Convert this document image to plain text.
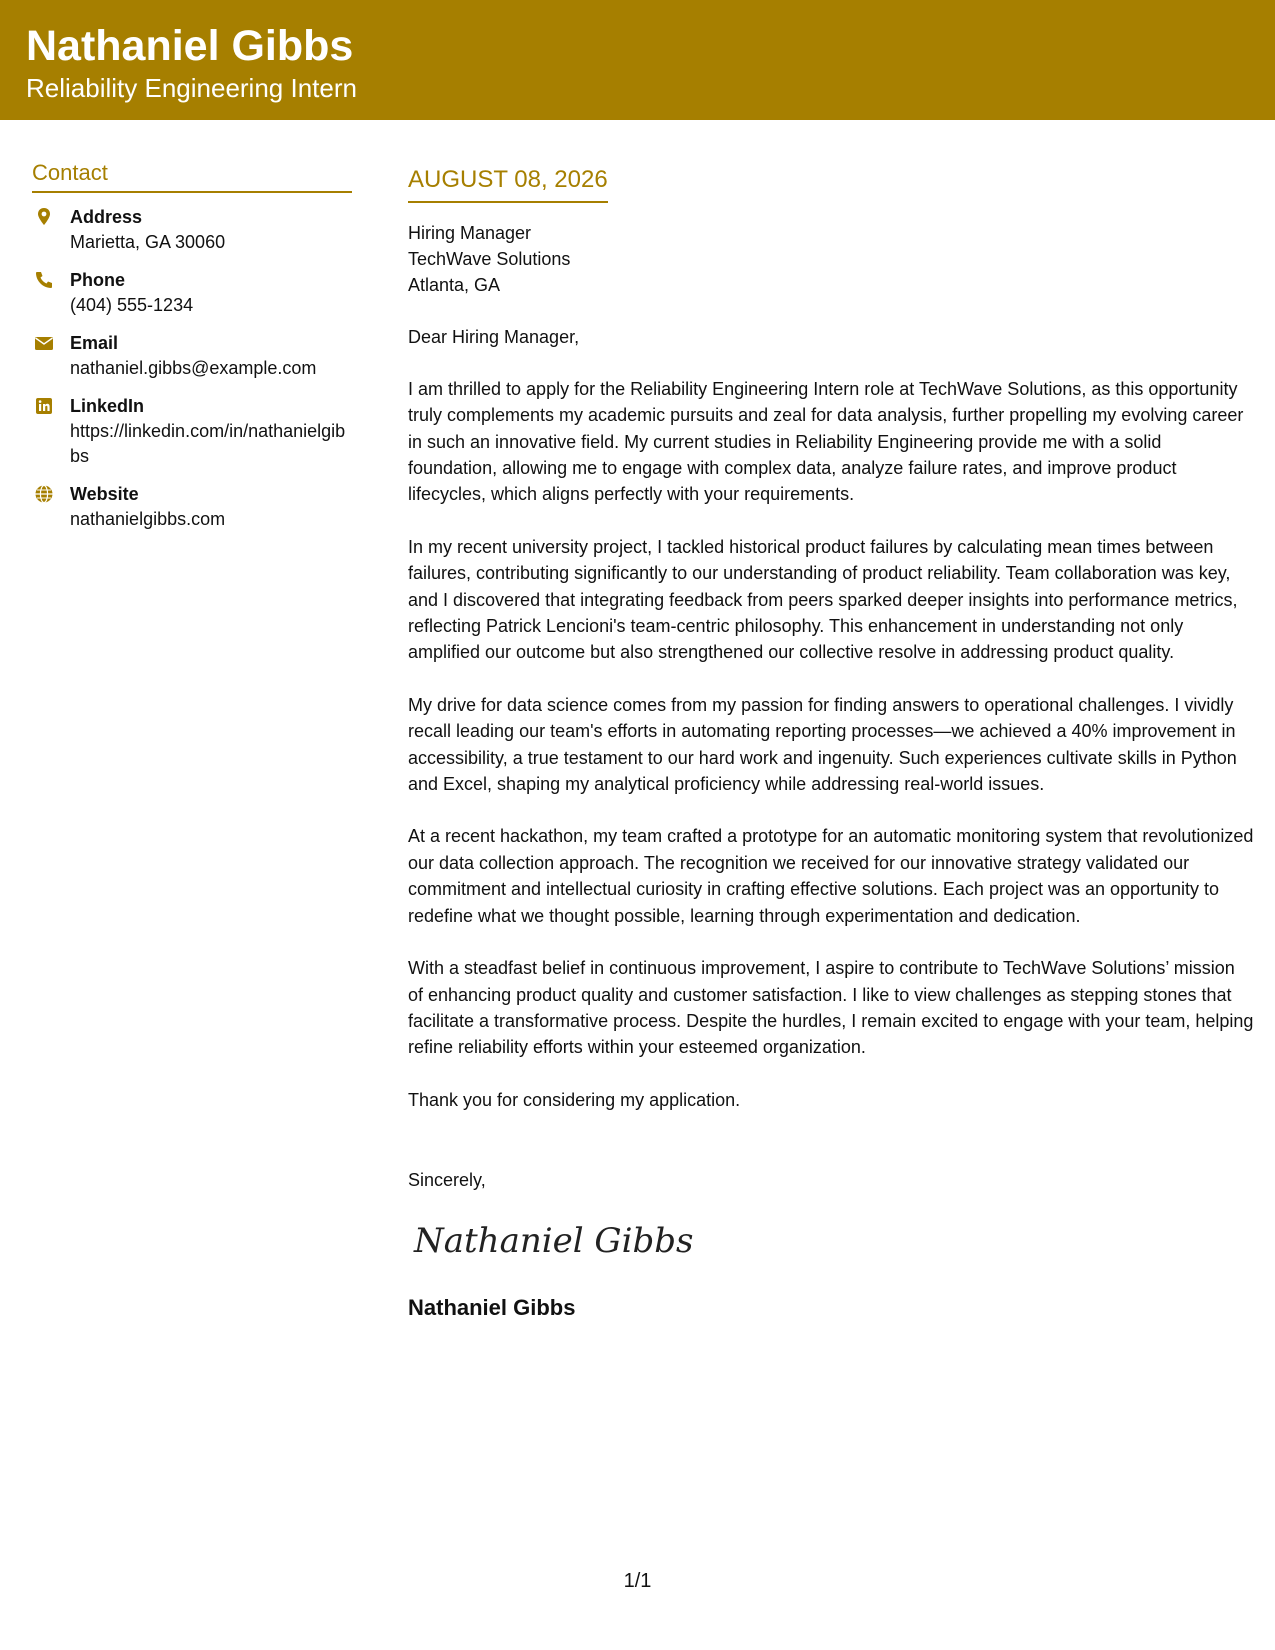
Nathaniel Gibbs
Reliability Engineering Intern
Contact
Address
Marietta, GA 30060
Phone
(404) 555-1234
Email
nathaniel.gibbs@example.com
LinkedIn
https://linkedin.com/in/nathanielgibbs
Website
nathanielgibbs.com
AUGUST 08, 2026
Hiring Manager
TechWave Solutions
Atlanta, GA
Dear Hiring Manager,
I am thrilled to apply for the Reliability Engineering Intern role at TechWave Solutions, as this opportunity truly complements my academic pursuits and zeal for data analysis, further propelling my evolving career in such an innovative field. My current studies in Reliability Engineering provide me with a solid foundation, allowing me to engage with complex data, analyze failure rates, and improve product lifecycles, which aligns perfectly with your requirements.
In my recent university project, I tackled historical product failures by calculating mean times between failures, contributing significantly to our understanding of product reliability. Team collaboration was key, and I discovered that integrating feedback from peers sparked deeper insights into performance metrics, reflecting Patrick Lencioni's team-centric philosophy. This enhancement in understanding not only amplified our outcome but also strengthened our collective resolve in addressing product quality.
My drive for data science comes from my passion for finding answers to operational challenges. I vividly recall leading our team's efforts in automating reporting processes—we achieved a 40% improvement in accessibility, a true testament to our hard work and ingenuity. Such experiences cultivate skills in Python and Excel, shaping my analytical proficiency while addressing real-world issues.
At a recent hackathon, my team crafted a prototype for an automatic monitoring system that revolutionized our data collection approach. The recognition we received for our innovative strategy validated our commitment and intellectual curiosity in crafting effective solutions. Each project was an opportunity to redefine what we thought possible, learning through experimentation and dedication.
With a steadfast belief in continuous improvement, I aspire to contribute to TechWave Solutions’ mission of enhancing product quality and customer satisfaction. I like to view challenges as stepping stones that facilitate a transformative process. Despite the hurdles, I remain excited to engage with your team, helping refine reliability efforts within your esteemed organization.
Thank you for considering my application.
Sincerely,
Nathaniel Gibbs
Nathaniel Gibbs
1/1
